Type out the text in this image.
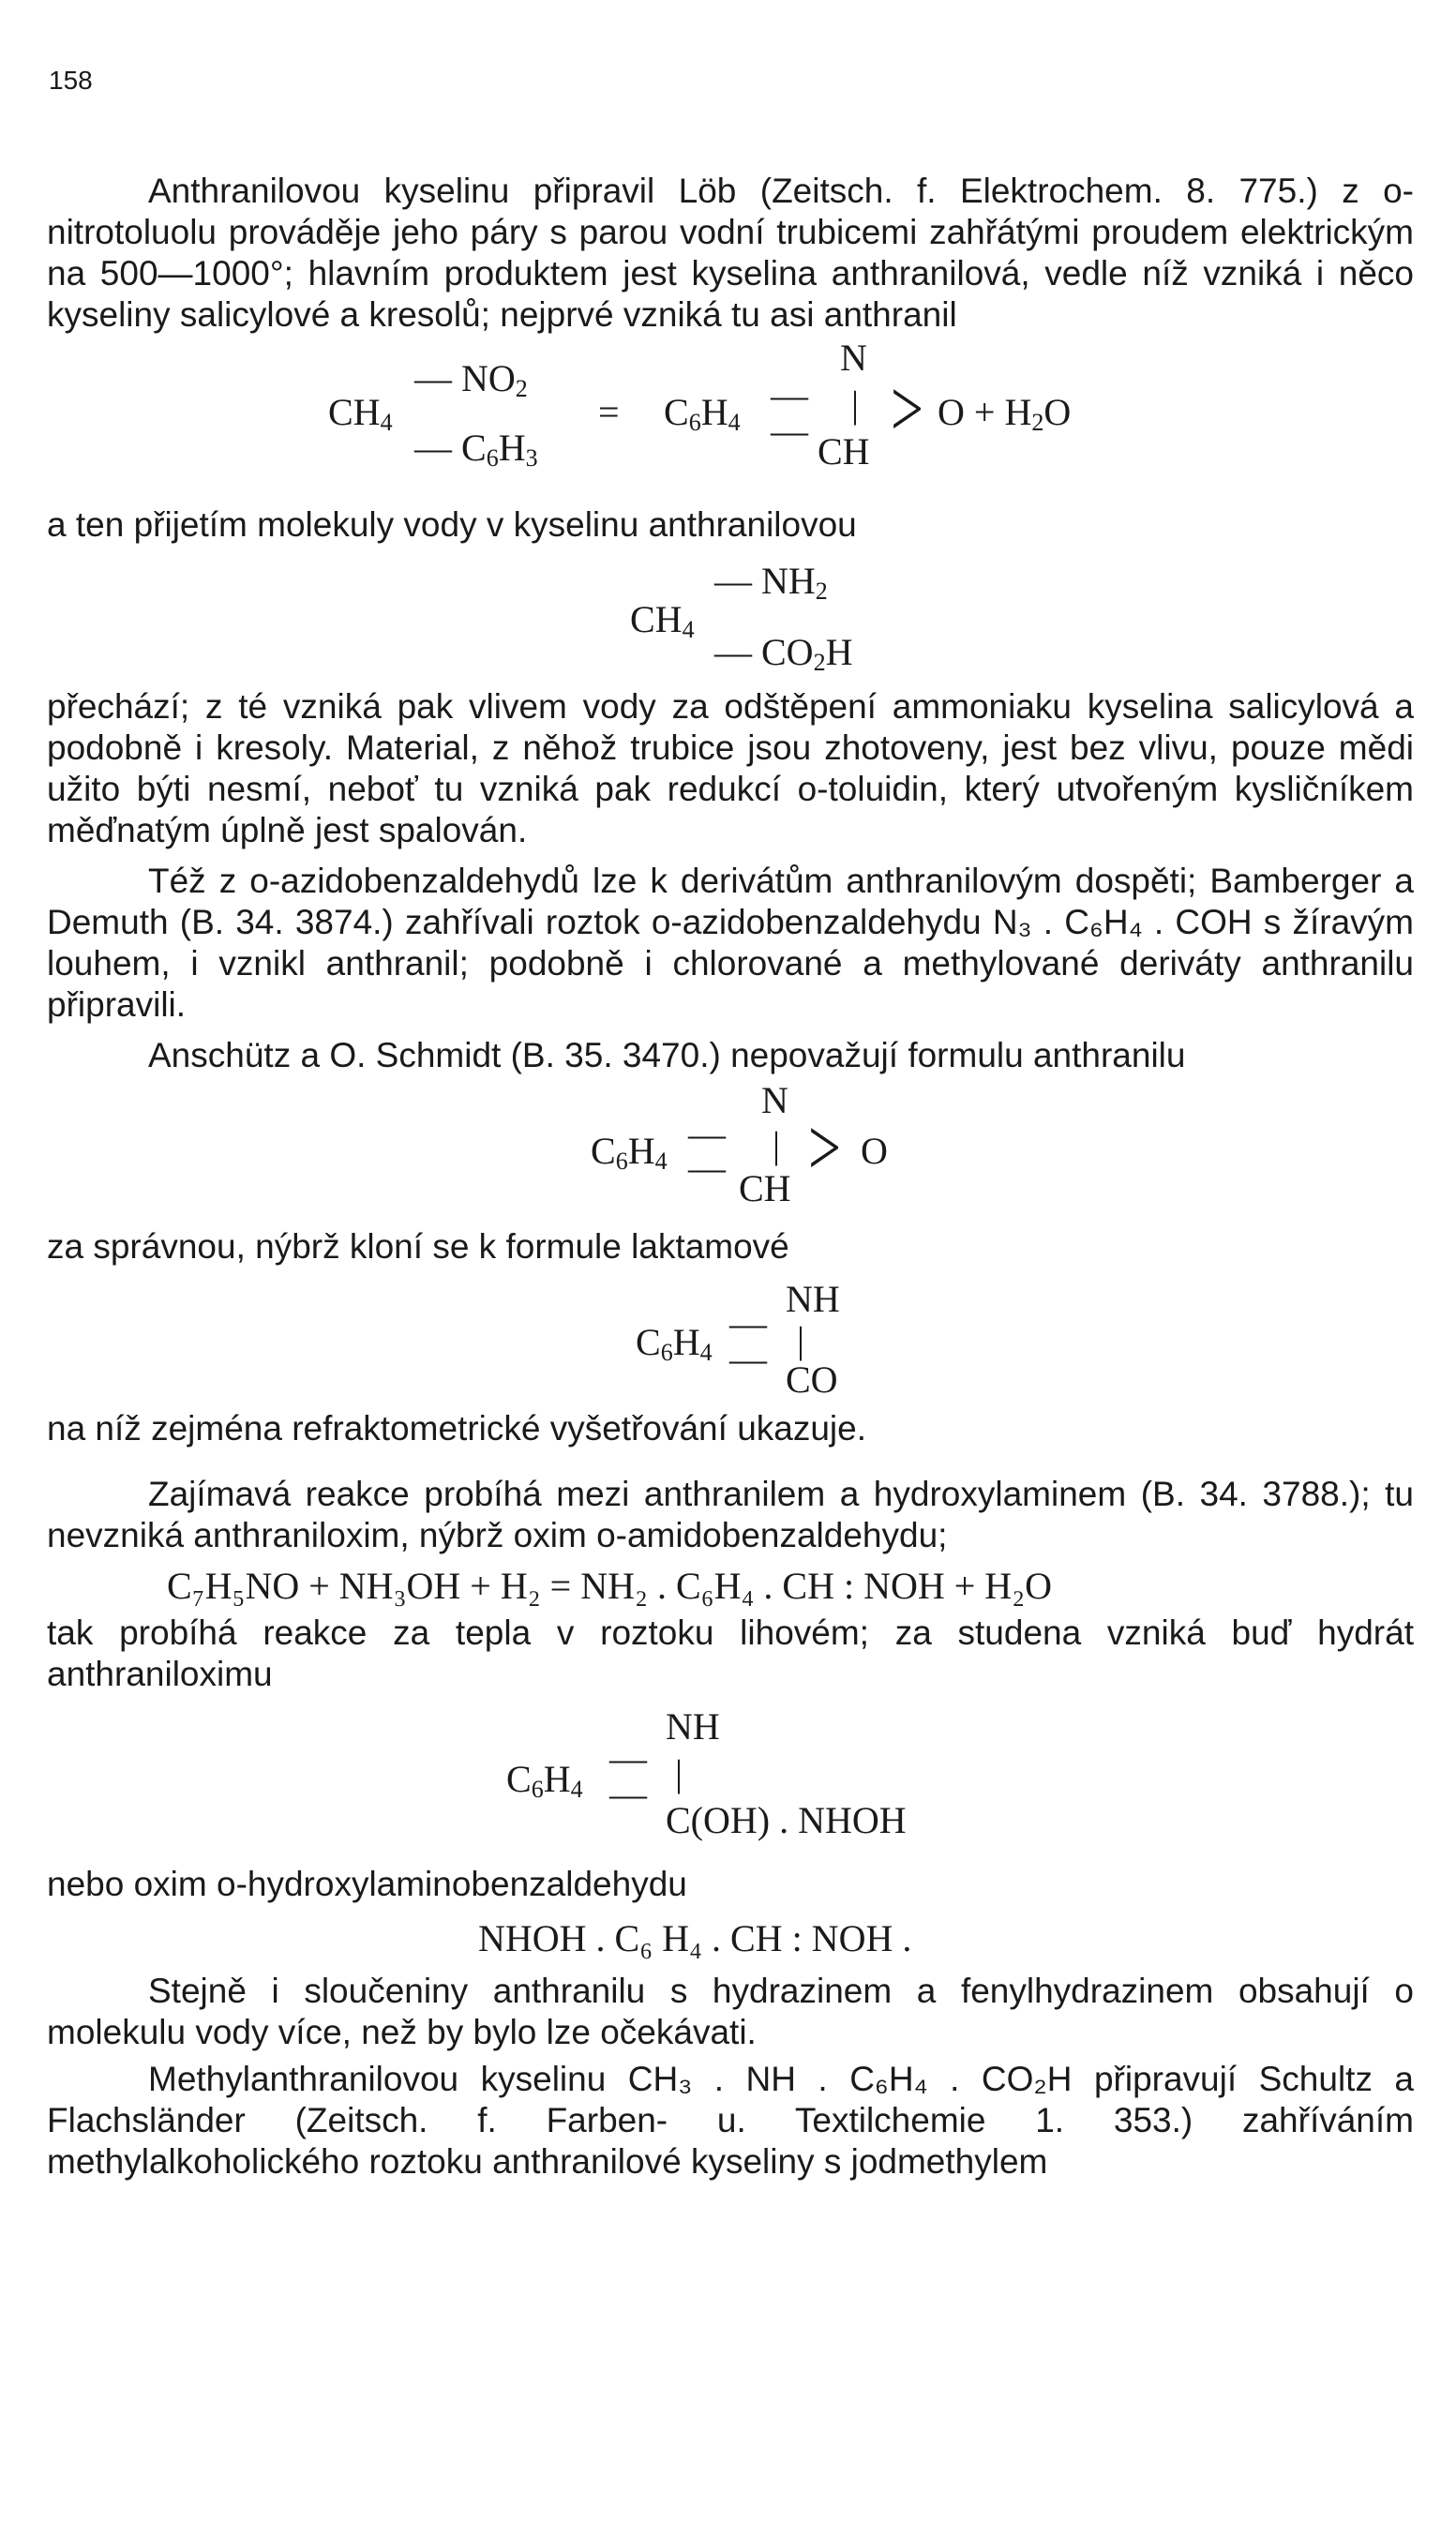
158

Anthranilovou kyselinu připravil Löb (Zeitsch. f. Elektrochem. 8. 775.) z o-nitrotoluolu prováděje jeho páry s parou vodní trubicemi zahřátými proudem elektrickým na 500—1000°; hlavním produktem jest kyselina anthranilová, vedle níž vzniká i něco kyseliny salicylové a kresolů; nejprvé vzniká tu asi anthranil

$CH_4$
— $NO_2$
— $C_6H_3$
= $C_6H_4$
—
—
N
|
CH > $O + H_2O$

a ten přijetím molekuly vody v kyselinu anthranilovou

$CH_4$
— $NH_2$
— $CO_2H$

přechází; z té vzniká pak vlivem vody za odštěpení ammoniaku kyselina salicylová a podobně i kresoly. Material, z něhož trubice jsou zhotoveny, jest bez vlivu, pouze mědi užito býti nesmí, neboť tu vzniká pak redukcí o-toluidin, který utvořeným kysličníkem měďnatým úplně jest spalován.

Též z o-azidobenzaldehydů lze k derivátům anthranilovým dospěti; Bamberger a Demuth (B. 34. 3874.) zahřívali roztok o-azidobenzaldehydu N₃ . C₆H₄ . COH s žíravým louhem, i vznikl anthranil; podobně i chlorované a methylované deriváty anthranilu připravili.

Anschütz a O. Schmidt (B. 35. 3470.) nepovažují formulu anthranilu

$C_6H_4$
—
—
N
|
CH > O

za správnou, nýbrž kloní se k formule laktamové

$C_6H_4$
—
—
NH
|
CO

na níž zejména refraktometrické vyšetřování ukazuje.

Zajímavá reakce probíhá mezi anthranilem a hydroxylaminem (B. 34. 3788.); tu nevzniká anthraniloxim, nýbrž oxim o-amidobenzaldehydu;

C₇H₅NO + NH₃OH + H₂ = NH₂ . C₆H₄ . CH : NOH + H₂O

tak probíhá reakce za tepla v roztoku lihovém; za studena vzniká buď hydrát anthraniloximu

$C_6H_4$
—
—
NH
|
C(OH) . NHOH

nebo oxim o-hydroxylaminobenzaldehydu

NHOH . C₆ H₄ . CH : NOH .

Stejně i sloučeniny anthranilu s hydrazinem a fenylhydrazinem obsahují o molekulu vody více, než by bylo lze očekávati.

Methylanthranilovou kyselinu CH₃ . NH . C₆H₄ . CO₂H připravují Schultz a Flachsländer (Zeitsch. f. Farben- u. Textilchemie 1. 353.) zahříváním methylalkoholického roztoku anthranilové kyseliny s jodmethylem
